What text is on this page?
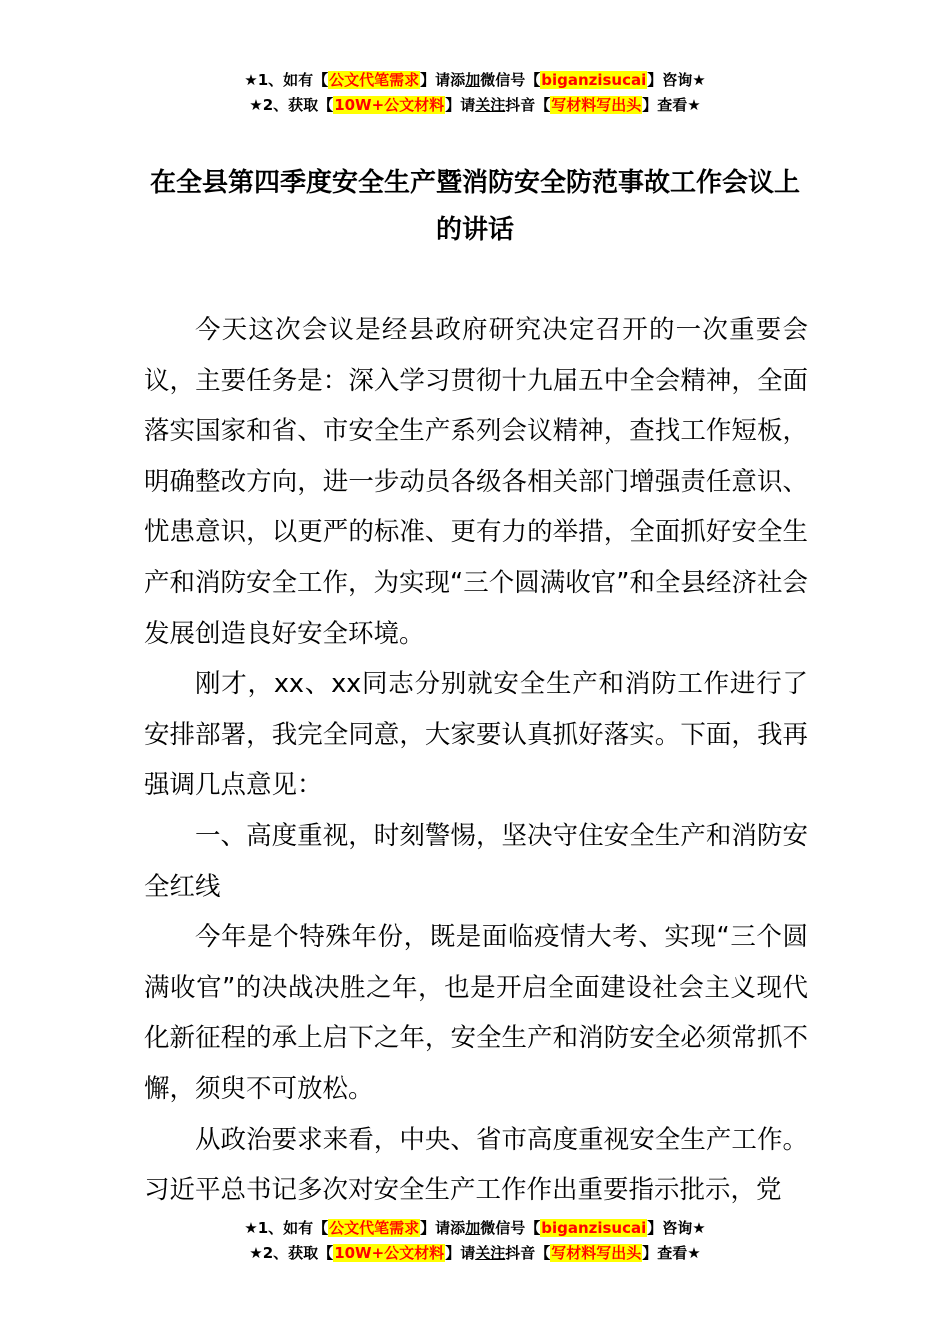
★1、如有【公文代笔需求】请添加微信号【biganzisucai】咨询★
★2、获取【10W+公文材料】请关注抖音【写材料写出头】查看★
在全县第四季度安全生产暨消防安全防范事故工作会议上的讲话

今天这次会议是经县政府研究决定召开的一次重要会议，主要任务是：深入学习贯彻十九届五中全会精神，全面落实国家和省、市安全生产系列会议精神，查找工作短板，明确整改方向，进一步动员各级各相关部门增强责任意识、忧患意识，以更严的标准、更有力的举措，全面抓好安全生产和消防安全工作，为实现“三个圆满收官”和全县经济社会发展创造良好安全环境。

刚才，xx、xx同志分别就安全生产和消防工作进行了安排部署，我完全同意，大家要认真抓好落实。下面，我再强调几点意见：

一、高度重视，时刻警惕，坚决守住安全生产和消防安全红线

今年是个特殊年份，既是面临疫情大考、实现“三个圆满收官”的决战决胜之年，也是开启全面建设社会主义现代化新征程的承上启下之年，安全生产和消防安全必须常抓不懈，须臾不可放松。

从政治要求来看，中央、省市高度重视安全生产工作。习近平总书记多次对安全生产工作作出重要指示批示，党

★1、如有【公文代笔需求】请添加微信号【biganzisucai】咨询★
★2、获取【10W+公文材料】请关注抖音【写材料写出头】查看★
